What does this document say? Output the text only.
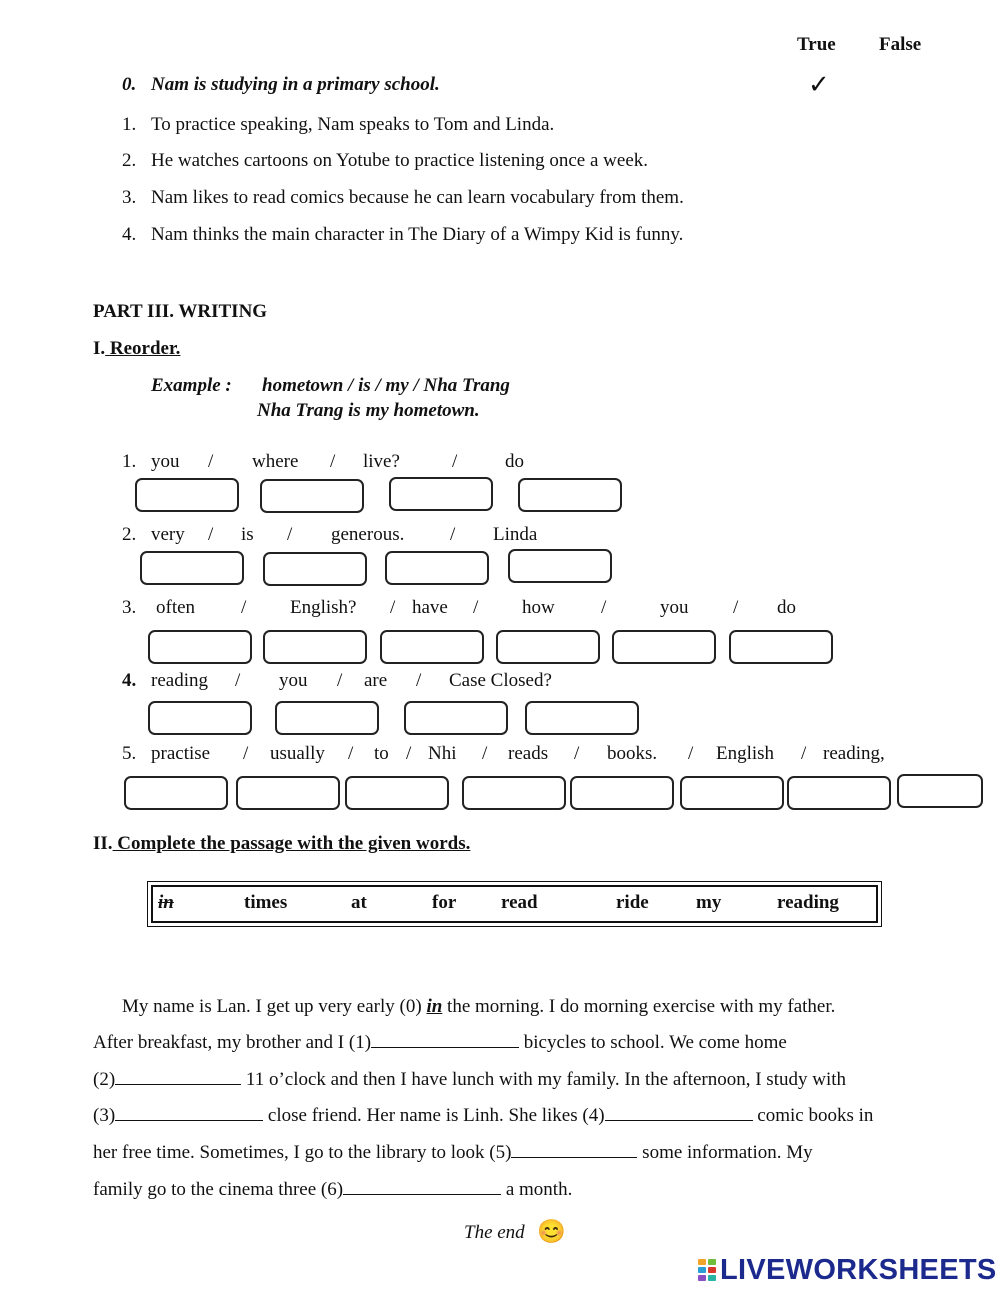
True False
0. Nam is studying in a primary school.	✓
1. To practice speaking, Nam speaks to Tom and Linda.
2. He watches cartoons on Yotube to practice listening once a week.
3. Nam likes to read comics because he can learn vocabulary from them.
4. Nam thinks the main character in The Diary of a Wimpy Kid is funny.
PART III. WRITING
I. Reorder.
Example : hometown / is / my / Nha Trang
Nha Trang is my hometown.
1. you / where / live?	/	do
2. very / is / generous. / Linda
3. often / English? / have / how /	you / do
4. reading / you / are / Case Closed?
5. practise / usually / to / Nhi / reads / books. / English / reading,
II. Complete the passage with the given words.
in	times	at	for read	ride my	reading
My name is Lan. I get up very early (0) in the morning. I do morning exercise with my father.
After breakfast, my brother and I (1)	bicycles to school. We come home
(2)	11 o’clock and then I have lunch with my family. In the afternoon, I study with
(3)	close friend. Her name is Linh. She likes (4)	comic books in
her free time. Sometimes, I go to the library to look (5)	some information. My
family go to the cinema three (6)	a month.
The end 😊
LIVEWORKSHEETS
